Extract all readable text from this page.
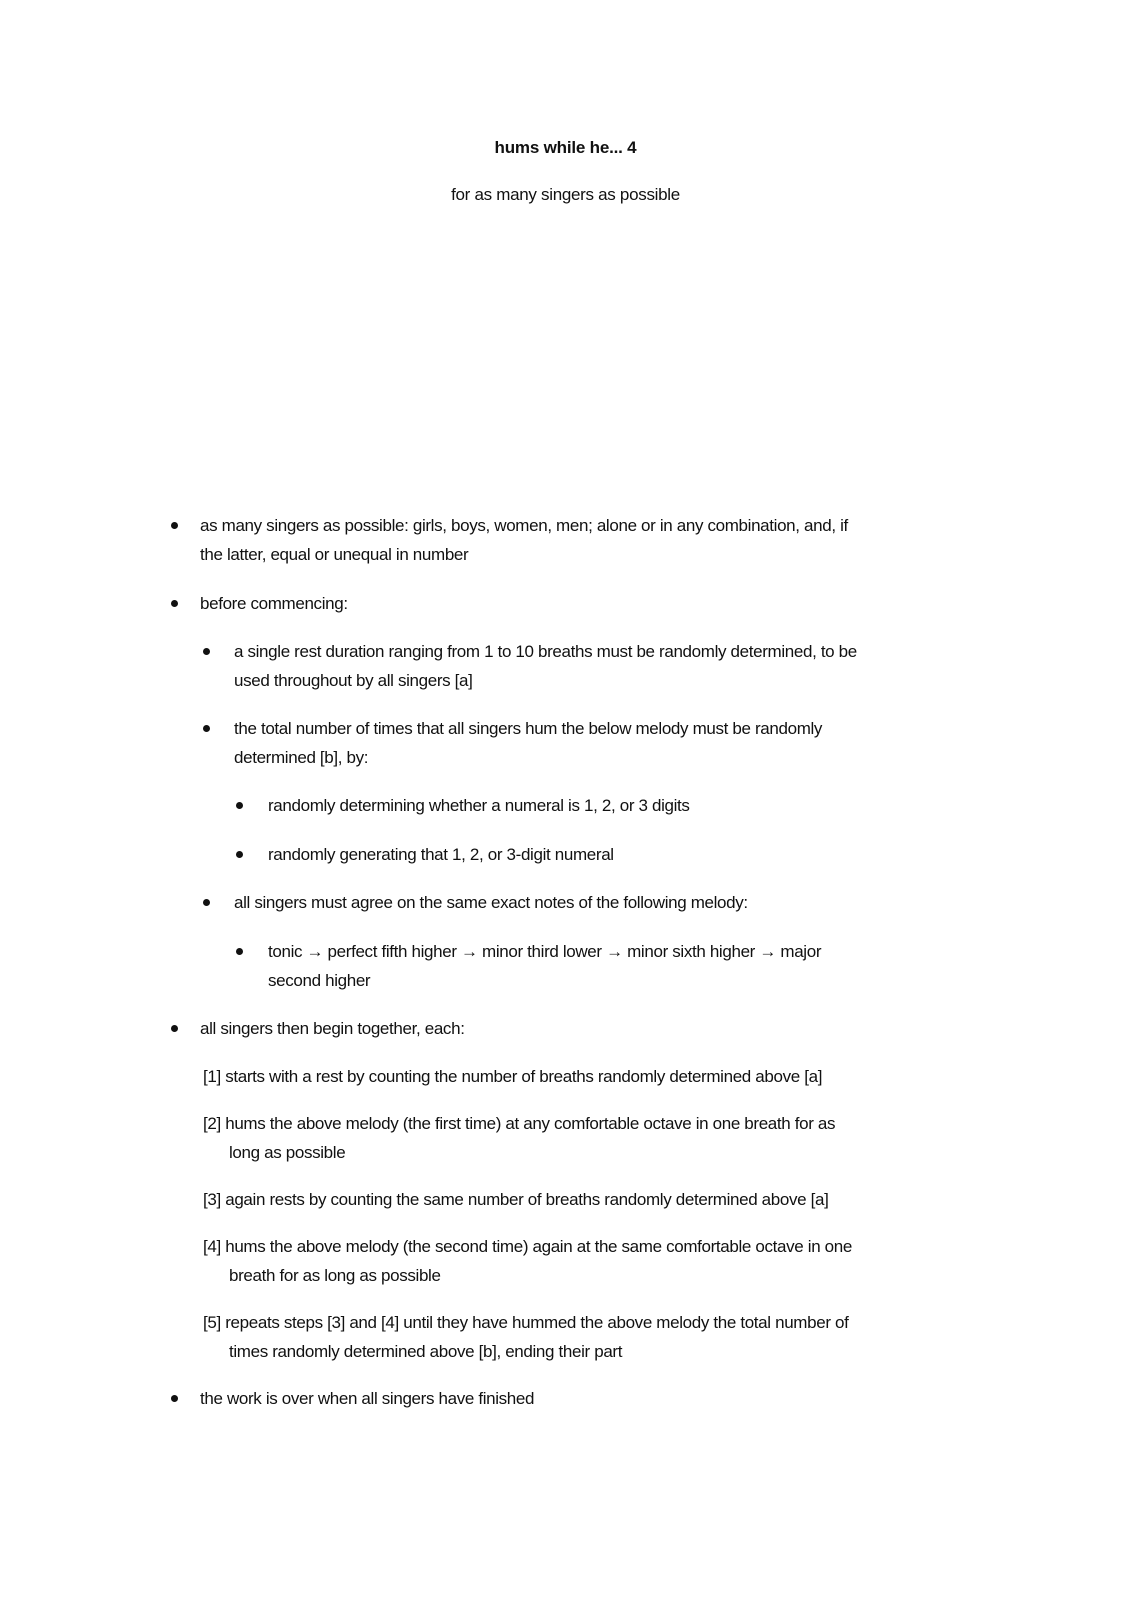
hums while he... 4
for as many singers as possible
as many singers as possible: girls, boys, women, men; alone or in any combination, and, if
the latter, equal or unequal in number
before commencing:
a single rest duration ranging from 1 to 10 breaths must be randomly determined, to be
used throughout by all singers [a]
the total number of times that all singers hum the below melody must be randomly
determined [b], by:
randomly determining whether a numeral is 1, 2, or 3 digits
randomly generating that 1, 2, or 3-digit numeral
all singers must agree on the same exact notes of the following melody:
tonic → perfect fifth higher → minor third lower → minor sixth higher → major
second higher
all singers then begin together, each:
[1] starts with a rest by counting the number of breaths randomly determined above [a]
[2] hums the above melody (the first time) at any comfortable octave in one breath for as
long as possible
[3] again rests by counting the same number of breaths randomly determined above [a]
[4] hums the above melody (the second time) again at the same comfortable octave in one
breath for as long as possible
[5] repeats steps [3] and [4] until they have hummed the above melody the total number of
times randomly determined above [b], ending their part
the work is over when all singers have finished
